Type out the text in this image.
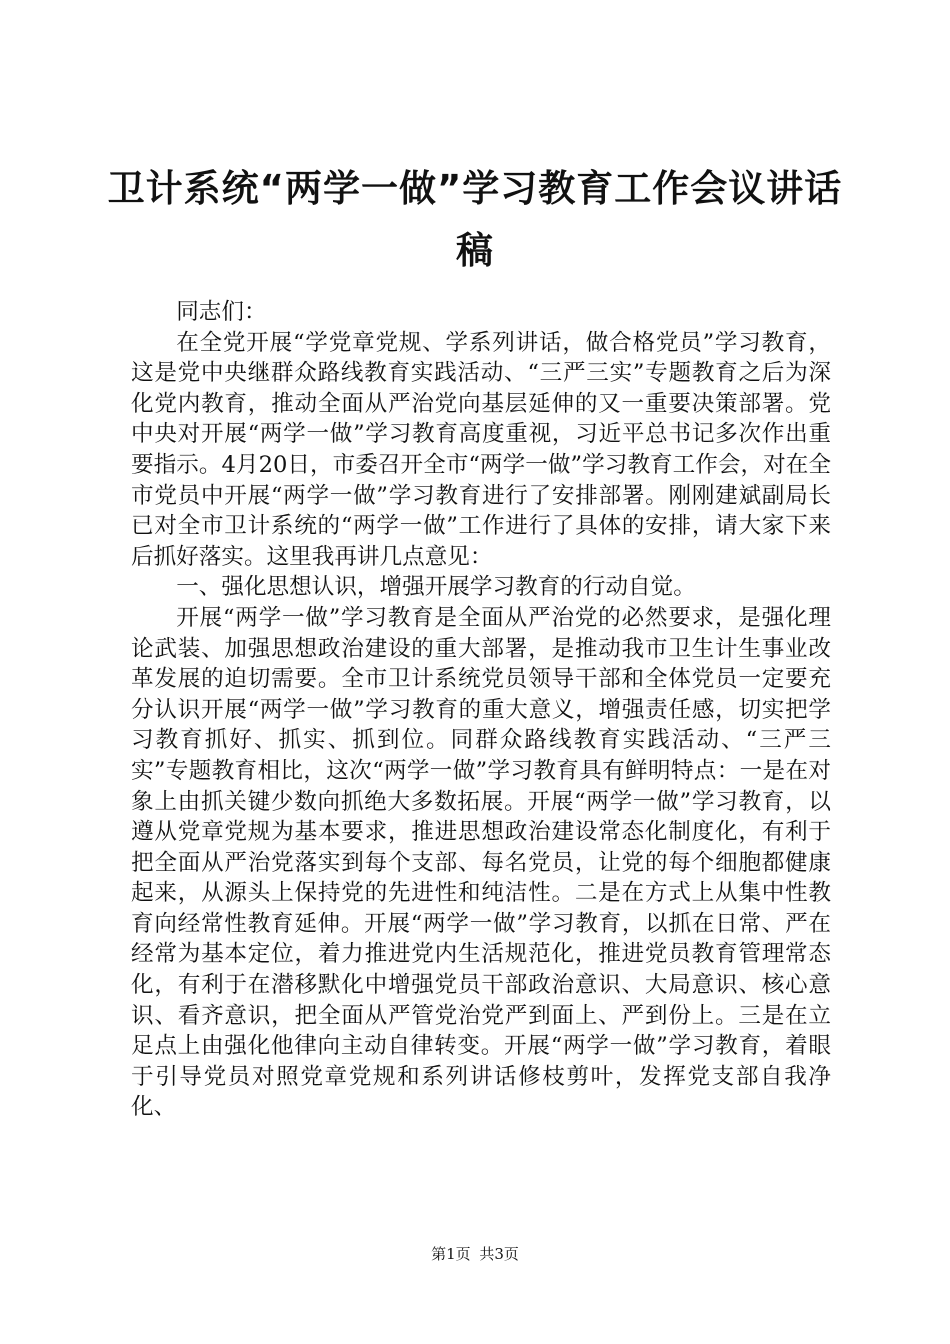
卫计系统“两学一做”学习教育工作会议讲话稿

同志们：

在全党开展“学党章党规、学系列讲话，做合格党员”学习教育，这是党中央继群众路线教育实践活动、“三严三实”专题教育之后为深化党内教育，推动全面从严治党向基层延伸的又一重要决策部署。党中央对开展“两学一做”学习教育高度重视，习近平总书记多次作出重要指示。4月20日，市委召开全市“两学一做”学习教育工作会，对在全市党员中开展“两学一做”学习教育进行了安排部署。刚刚建斌副局长已对全市卫计系统的“两学一做”工作进行了具体的安排，请大家下来后抓好落实。这里我再讲几点意见：

一、强化思想认识，增强开展学习教育的行动自觉。

开展“两学一做”学习教育是全面从严治党的必然要求，是强化理论武装、加强思想政治建设的重大部署，是推动我市卫生计生事业改革发展的迫切需要。全市卫计系统党员领导干部和全体党员一定要充分认识开展“两学一做”学习教育的重大意义，增强责任感，切实把学习教育抓好、抓实、抓到位。同群众路线教育实践活动、“三严三实”专题教育相比，这次“两学一做”学习教育具有鲜明特点：一是在对象上由抓关键少数向抓绝大多数拓展。开展“两学一做”学习教育，以遵从党章党规为基本要求，推进思想政治建设常态化制度化，有利于把全面从严治党落实到每个支部、每名党员，让党的每个细胞都健康起来，从源头上保持党的先进性和纯洁性。二是在方式上从集中性教育向经常性教育延伸。开展“两学一做”学习教育，以抓在日常、严在经常为基本定位，着力推进党内生活规范化，推进党员教育管理常态化，有利于在潜移默化中增强党员干部政治意识、大局意识、核心意识、看齐意识，把全面从严管党治党严到面上、严到份上。三是在立足点上由强化他律向主动自律转变。开展“两学一做”学习教育，着眼于引导党员对照党章党规和系列讲话修枝剪叶，发挥党支部自我净化、

第1页 共3页
